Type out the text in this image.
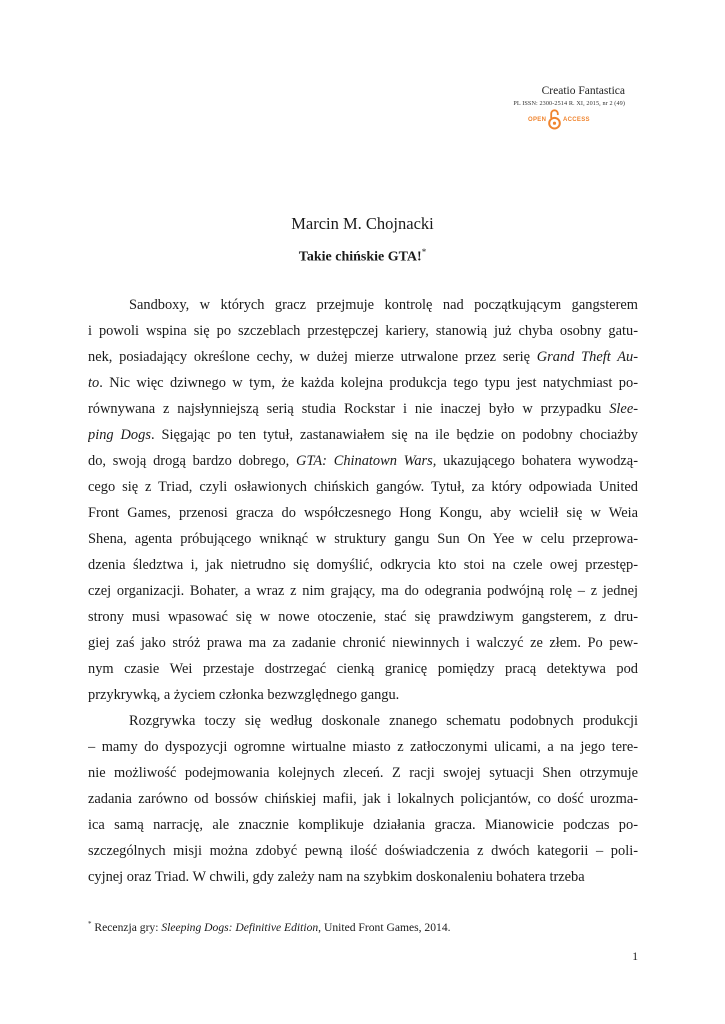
Creatio Fantastica
PL ISSN: 2300-2514 R. XI, 2015, nr 2 (49)
OPEN	ACCESS
Marcin M. Chojnacki
Takie chińskie GTA!*
Sandboxy, w których gracz przejmuje kontrolę nad początkującym gangsterem
i powoli wspina się po szczeblach przestępczej kariery, stanowią już chyba osobny gatu-
nek, posiadający określone cechy, w dużej mierze utrwalone przez serię Grand Theft Au-
to. Nic więc dziwnego w tym, że każda kolejna produkcja tego typu jest natychmiast po-
równywana z najsłynniejszą serią studia Rockstar i nie inaczej było w przypadku Slee-
ping Dogs. Sięgając po ten tytuł, zastanawiałem się na ile będzie on podobny chociażby
do, swoją drogą bardzo dobrego, GTA: Chinatown Wars, ukazującego bohatera wywodzą-
cego się z Triad, czyli osławionych chińskich gangów. Tytuł, za który odpowiada United
Front Games, przenosi gracza do współczesnego Hong Kongu, aby wcielił się w Weia
Shena, agenta próbującego wniknąć w struktury gangu Sun On Yee w celu przeprowa-
dzenia śledztwa i, jak nietrudno się domyślić, odkrycia kto stoi na czele owej przestęp-
czej organizacji. Bohater, a wraz z nim grający, ma do odegrania podwójną rolę – z jednej
strony musi wpasować się w nowe otoczenie, stać się prawdziwym gangsterem, z dru-
giej zaś jako stróż prawa ma za zadanie chronić niewinnych i walczyć ze złem. Po pew-
nym czasie Wei przestaje dostrzegać cienką granicę pomiędzy pracą detektywa pod
przykrywką, a życiem członka bezwzględnego gangu.
Rozgrywka toczy się według doskonale znanego schematu podobnych produkcji
– mamy do dyspozycji ogromne wirtualne miasto z zatłoczonymi ulicami, a na jego tere-
nie możliwość podejmowania kolejnych zleceń. Z racji swojej sytuacji Shen otrzymuje
zadania zarówno od bossów chińskiej mafii, jak i lokalnych policjantów, co dość urozma-
ica samą narrację, ale znacznie komplikuje działania gracza. Mianowicie podczas po-
szczególnych misji można zdobyć pewną ilość doświadczenia z dwóch kategorii – poli-
cyjnej oraz Triad. W chwili, gdy zależy nam na szybkim doskonaleniu bohatera trzeba
* Recenzja gry: Sleeping Dogs: Definitive Edition, United Front Games, 2014.
1
